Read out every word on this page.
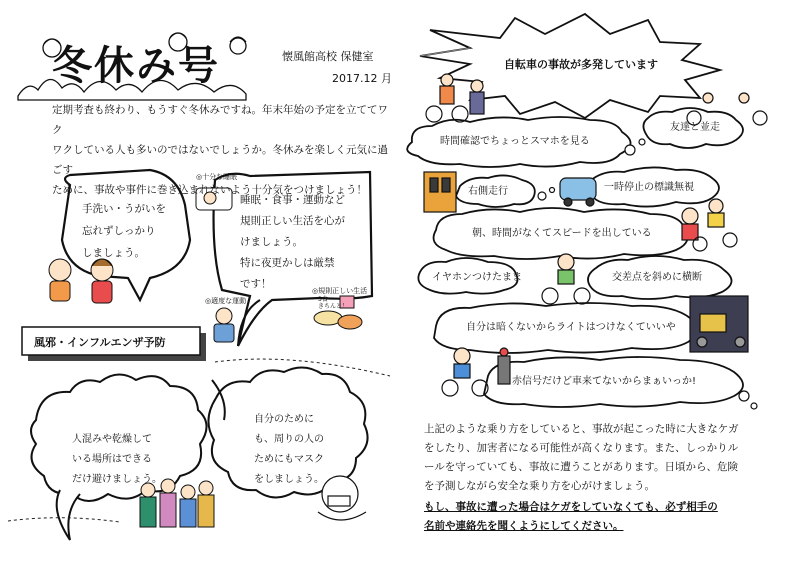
冬休み号	懐風館高校 保健室
2017.12 月
定期考査も終わり、もうすぐ冬休みですね。年末年始の予定を立ててワク
ワクしている人も多いのではないでしょうか。冬休みを楽しく元気に過ごす
ために、事故や事件に巻き込まれないよう十分気をつけましょう！
手洗い・うがいを
忘れずしっかり
しましょう。
◎十分な睡眠
◎適度な運動
◎規則正しい生活
3食
きちんと！
睡眠・食事・運動など
規則正しい生活を心が
けましょう。
特に夜更かしは厳禁
です！
風邪・インフルエンザ予防
人混みや乾燥して
いる場所はできる
だけ避けましょう。
自分のために
も、周りの人の
ためにもマスク
をしましょう。
自転車の事故が多発しています
時間確認でちょっとスマホを見る
友達と並走
右側走行	一時停止の標識無視
朝、時間がなくてスピードを出している
イヤホンつけたまま	交差点を斜めに横断
自分は暗くないからライトはつけなくていいや
赤信号だけど車来てないからまぁいっか!
上記のような乗り方をしていると、事故が起こった時に大きなケガ
をしたり、加害者になる可能性が高くなります。また、しっかりル
ールを守っていても、事故に遭うことがあります。日頃から、危険
を予測しながら安全な乗り方を心がけましょう。
もし、事故に遭った場合はケガをしていなくても、必ず相手の
名前や連絡先を聞くようにしてください。
